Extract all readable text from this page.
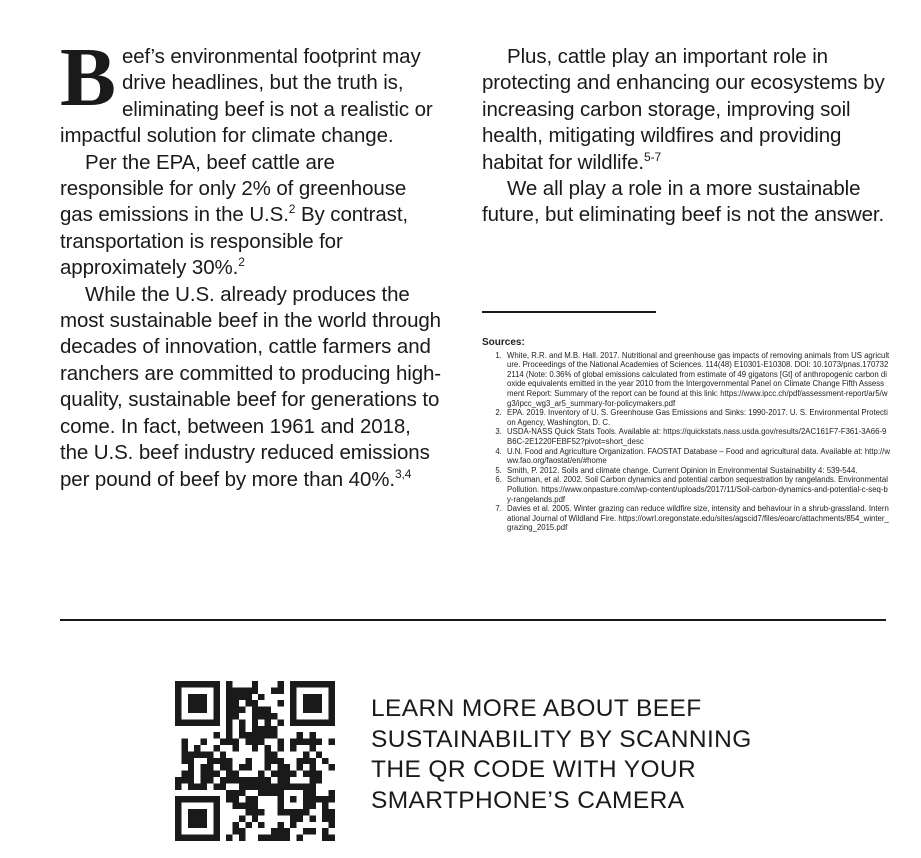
Beef’s environmental footprint may drive headlines, but the truth is, eliminating beef is not a realistic or impactful solution for climate change.

Per the EPA, beef cattle are responsible for only 2% of greenhouse gas emissions in the U.S.$^2$ By contrast, transportation is responsible for approximately 30%.$^2$

While the U.S. already produces the most sustainable beef in the world through decades of innovation, cattle farmers and ranchers are committed to producing high-quality, sustainable beef for generations to come. In fact, between 1961 and 2018, the U.S. beef industry reduced emissions per pound of beef by more than 40%.$^{3,4}$

Plus, cattle play an important role in protecting and enhancing our ecosystems by increasing carbon storage, improving soil health, mitigating wildfires and providing habitat for wildlife.$^{5-7}$

We all play a role in a more sustainable future, but eliminating beef is not the answer.

Sources:
1. White, R.R. and M.B. Hall. 2017. Nutritional and greenhouse gas impacts of removing animals from US agriculture. Proceedings of the National Academies of Sciences. 114(48) E10301-E10308. DOI: 10.1073/pnas.1707322114 (Note: 0.36% of global emissions calculated from estimate of 49 gigatons [Gt] of anthropogenic carbon dioxide equivalents emitted in the year 2010 from the Intergovernmental Panel on Climate Change Fifth Assessment Report: Summary of the report can be found at this link: https://www.ipcc.ch/pdf/assessment-report/ar5/wg3/ipcc_wg3_ar5_summary-for-policymakers.pdf
2. EPA. 2019. Inventory of U. S. Greenhouse Gas Emissions and Sinks: 1990-2017. U. S. Environmental Protection Agency, Washington, D. C.
3. USDA-NASS Quick Stats Tools. Available at: https://quickstats.nass.usda.gov/results/2AC161F7-F361-3A66-9B6C-2E1220FEBF52?pivot=short_desc
4. U.N. Food and Agriculture Organization. FAOSTAT Database – Food and agricultural data. Available at: http://www.fao.org/faostat/en/#home
5. Smith, P. 2012. Soils and climate change. Current Opinion in Environmental Sustainability 4: 539-544.
6. Schuman, et al. 2002. Soil Carbon dynamics and potential carbon sequestration by rangelands. Environmental Pollution. https://www.onpasture.com/wp-content/uploads/2017/11/Soil-carbon-dynamics-and-potential-c-seq-by-rangelands.pdf
7. Davies et al. 2005. Winter grazing can reduce wildfire size, intensity and behaviour in a shrub-grassland. International Journal of Wildland Fire. https://owrl.oregonstate.edu/sites/agscid7/files/eoarc/attachments/854_winter_grazing_2015.pdf
LEARN MORE ABOUT BEEF
SUSTAINABILITY BY SCANNING
THE QR CODE WITH YOUR
SMARTPHONE’S CAMERA
